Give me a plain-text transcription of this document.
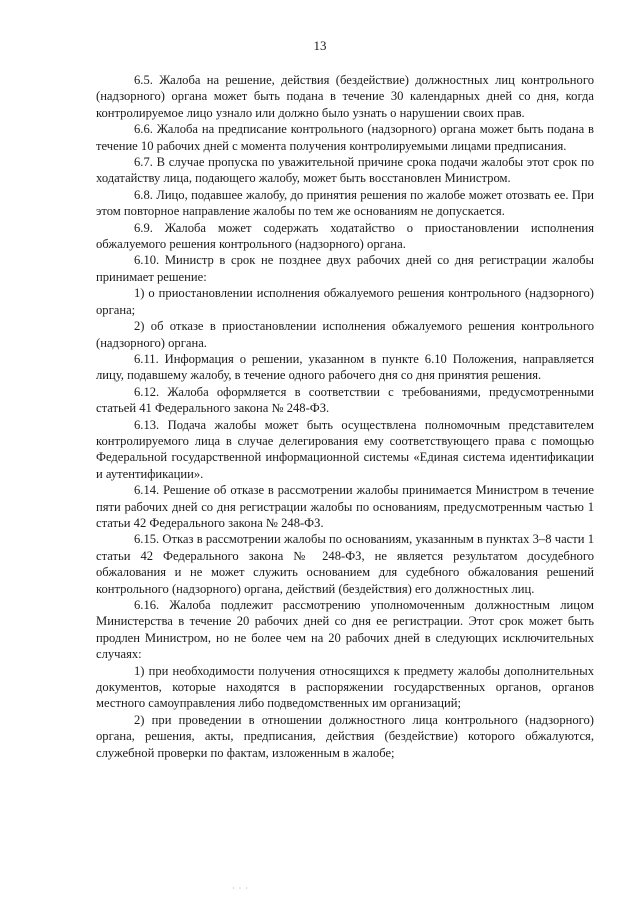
13

6.5. Жалоба на решение, действия (бездействие) должностных лиц контрольного (надзорного) органа может быть подана в течение 30 календарных дней со дня, когда контролируемое лицо узнало или должно было узнать о нарушении своих прав.

6.6. Жалоба на предписание контрольного (надзорного) органа может быть подана в течение 10 рабочих дней с момента получения контролируемыми лицами предписания.

6.7. В случае пропуска по уважительной причине срока подачи жалобы этот срок по ходатайству лица, подающего жалобу, может быть восстановлен Министром.

6.8. Лицо, подавшее жалобу, до принятия решения по жалобе может отозвать ее. При этом повторное направление жалобы по тем же основаниям не допускается.

6.9. Жалоба может содержать ходатайство о приостановлении исполнения обжалуемого решения контрольного (надзорного) органа.

6.10. Министр в срок не позднее двух рабочих дней со дня регистрации жалобы принимает решение:

1) о приостановлении исполнения обжалуемого решения контрольного (надзорного) органа;

2) об отказе в приостановлении исполнения обжалуемого решения контрольного (надзорного) органа.

6.11. Информация о решении, указанном в пункте 6.10 Положения, направляется лицу, подавшему жалобу, в течение одного рабочего дня со дня принятия решения.

6.12. Жалоба оформляется в соответствии с требованиями, предусмотренными статьей 41 Федерального закона № 248-ФЗ.

6.13. Подача жалобы может быть осуществлена полномочным представителем контролируемого лица в случае делегирования ему соответствующего права с помощью Федеральной государственной информационной системы «Единая система идентификации и аутентификации».

6.14. Решение об отказе в рассмотрении жалобы принимается Министром в течение пяти рабочих дней со дня регистрации жалобы по основаниям, предусмотренным частью 1 статьи 42 Федерального закона № 248-ФЗ.

6.15. Отказ в рассмотрении жалобы по основаниям, указанным в пунктах 3–8 части 1 статьи 42 Федерального закона № 248-ФЗ, не является результатом досудебного обжалования и не может служить основанием для судебного обжалования решений контрольного (надзорного) органа, действий (бездействия) его должностных лиц.

6.16. Жалоба подлежит рассмотрению уполномоченным должностным лицом Министерства в течение 20 рабочих дней со дня ее регистрации. Этот срок может быть продлен Министром, но не более чем на 20 рабочих дней в следующих исключительных случаях:

1) при необходимости получения относящихся к предмету жалобы дополнительных документов, которые находятся в распоряжении государственных органов, органов местного самоуправления либо подведомственных им организаций;

2) при проведении в отношении должностного лица контрольного (надзорного) органа, решения, акты, предписания, действия (бездействие) которого обжалуются, служебной проверки по фактам, изложенным в жалобе;

· · ·
